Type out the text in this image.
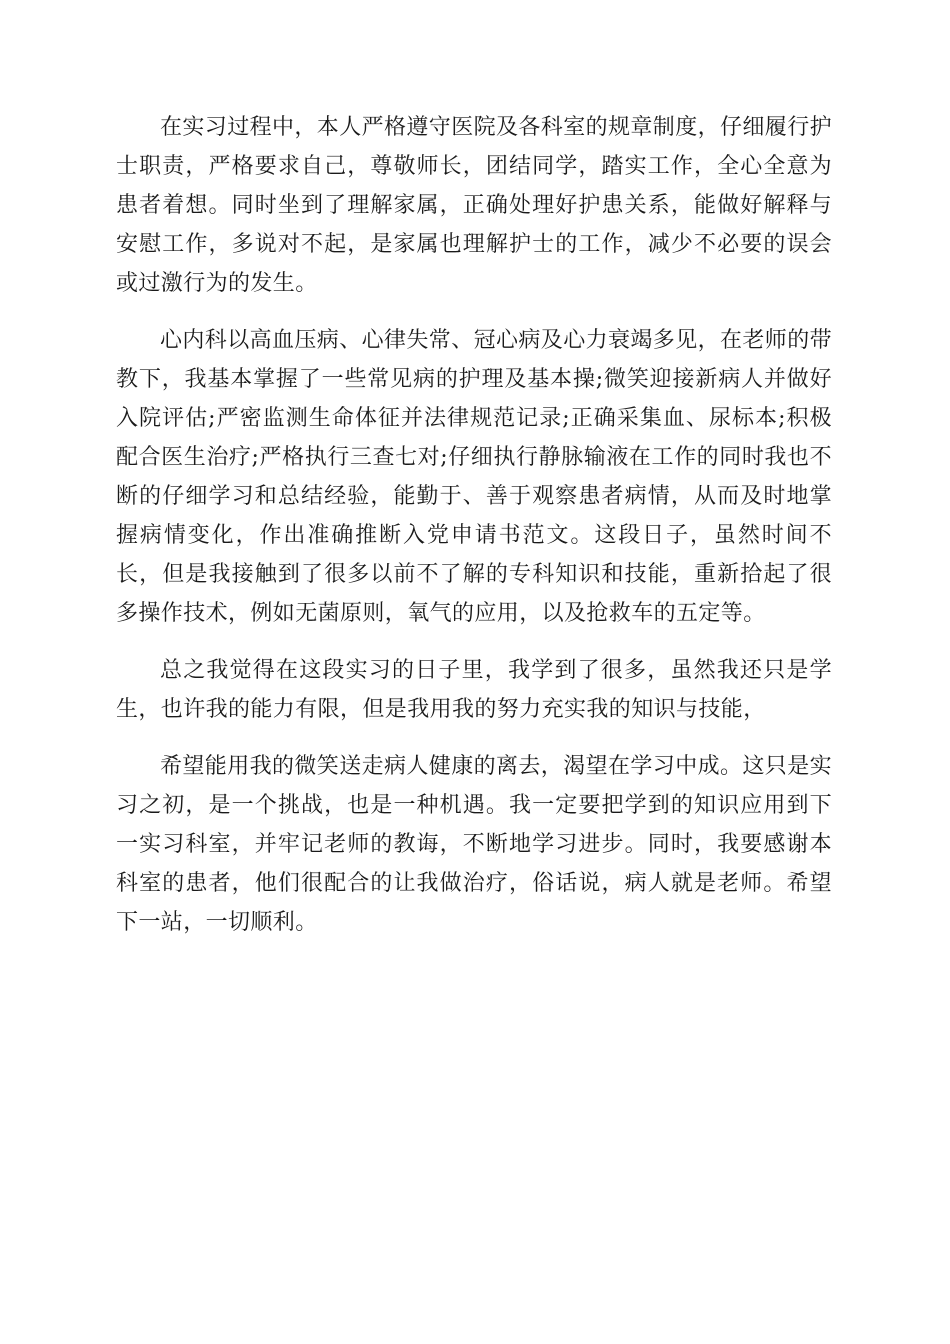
在实习过程中，本人严格遵守医院及各科室的规章制度，仔细履行护士职责，严格要求自己，尊敬师长，团结同学，踏实工作，全心全意为患者着想。同时坐到了理解家属，正确处理好护患关系，能做好解释与安慰工作，多说对不起，是家属也理解护士的工作，减少不必要的误会或过激行为的发生。

心内科以高血压病、心律失常、冠心病及心力衰竭多见，在老师的带教下，我基本掌握了一些常见病的护理及基本操;微笑迎接新病人并做好入院评估;严密监测生命体征并法律规范记录;正确采集血、尿标本;积极配合医生治疗;严格执行三查七对;仔细执行静脉输液在工作的同时我也不断的仔细学习和总结经验，能勤于、善于观察患者病情，从而及时地掌握病情变化，作出准确推断入党申请书范文。这段日子，虽然时间不长，但是我接触到了很多以前不了解的专科知识和技能，重新拾起了很多操作技术，例如无菌原则，氧气的应用，以及抢救车的五定等。

总之我觉得在这段实习的日子里，我学到了很多，虽然我还只是学生，也许我的能力有限，但是我用我的努力充实我的知识与技能，

希望能用我的微笑送走病人健康的离去，渴望在学习中成。这只是实习之初，是一个挑战，也是一种机遇。我一定要把学到的知识应用到下一实习科室，并牢记老师的教诲，不断地学习进步。同时，我要感谢本科室的患者，他们很配合的让我做治疗，俗话说，病人就是老师。希望下一站，一切顺利。
